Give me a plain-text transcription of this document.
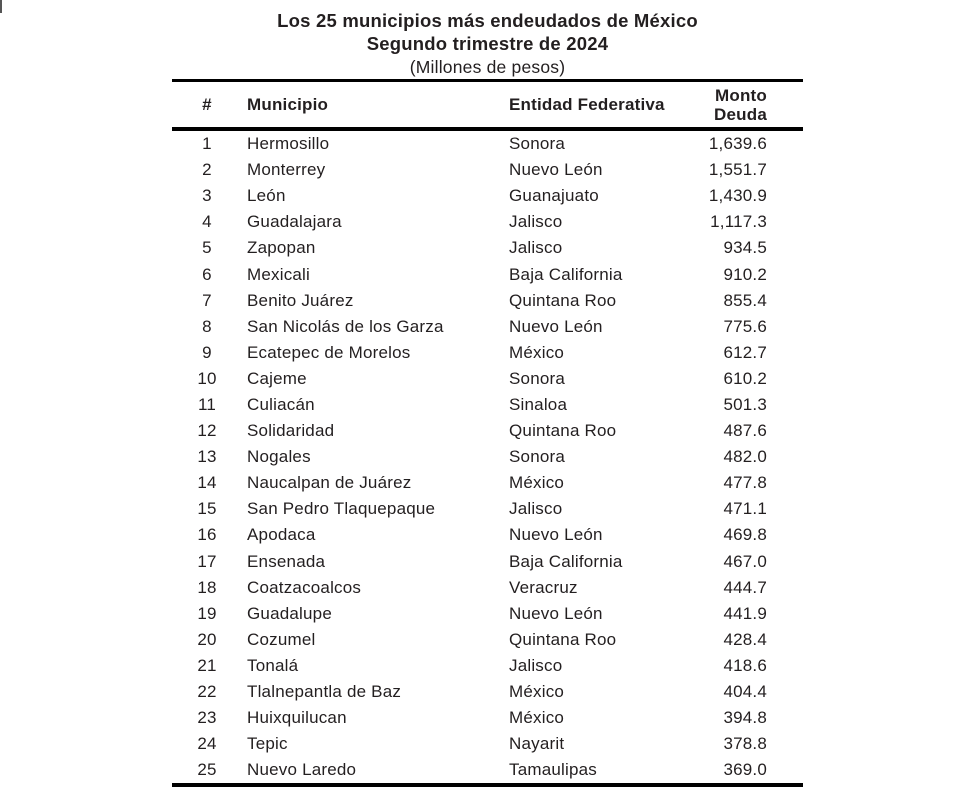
Los 25 municipios más endeudados de México
Segundo trimestre de 2024
(Millones de pesos)
#	Municipio	Entidad Federativa	Monto
Deuda
1	Hermosillo	Sonora	1,639.6
2	Monterrey	Nuevo León	1,551.7
3	León	Guanajuato	1,430.9
4	Guadalajara	Jalisco	1,117.3
5	Zapopan	Jalisco	934.5
6	Mexicali	Baja California	910.2
7	Benito Juárez	Quintana Roo	855.4
8	San Nicolás de los Garza	Nuevo León	775.6
9	Ecatepec de Morelos	México	612.7
10	Cajeme	Sonora	610.2
11	Culiacán	Sinaloa	501.3
12	Solidaridad	Quintana Roo	487.6
13	Nogales	Sonora	482.0
14	Naucalpan de Juárez	México	477.8
15	San Pedro Tlaquepaque	Jalisco	471.1
16	Apodaca	Nuevo León	469.8
17	Ensenada	Baja California	467.0
18	Coatzacoalcos	Veracruz	444.7
19	Guadalupe	Nuevo León	441.9
20	Cozumel	Quintana Roo	428.4
21	Tonalá	Jalisco	418.6
22	Tlalnepantla de Baz	México	404.4
23	Huixquilucan	México	394.8
24	Tepic	Nayarit	378.8
25	Nuevo Laredo	Tamaulipas	369.0
